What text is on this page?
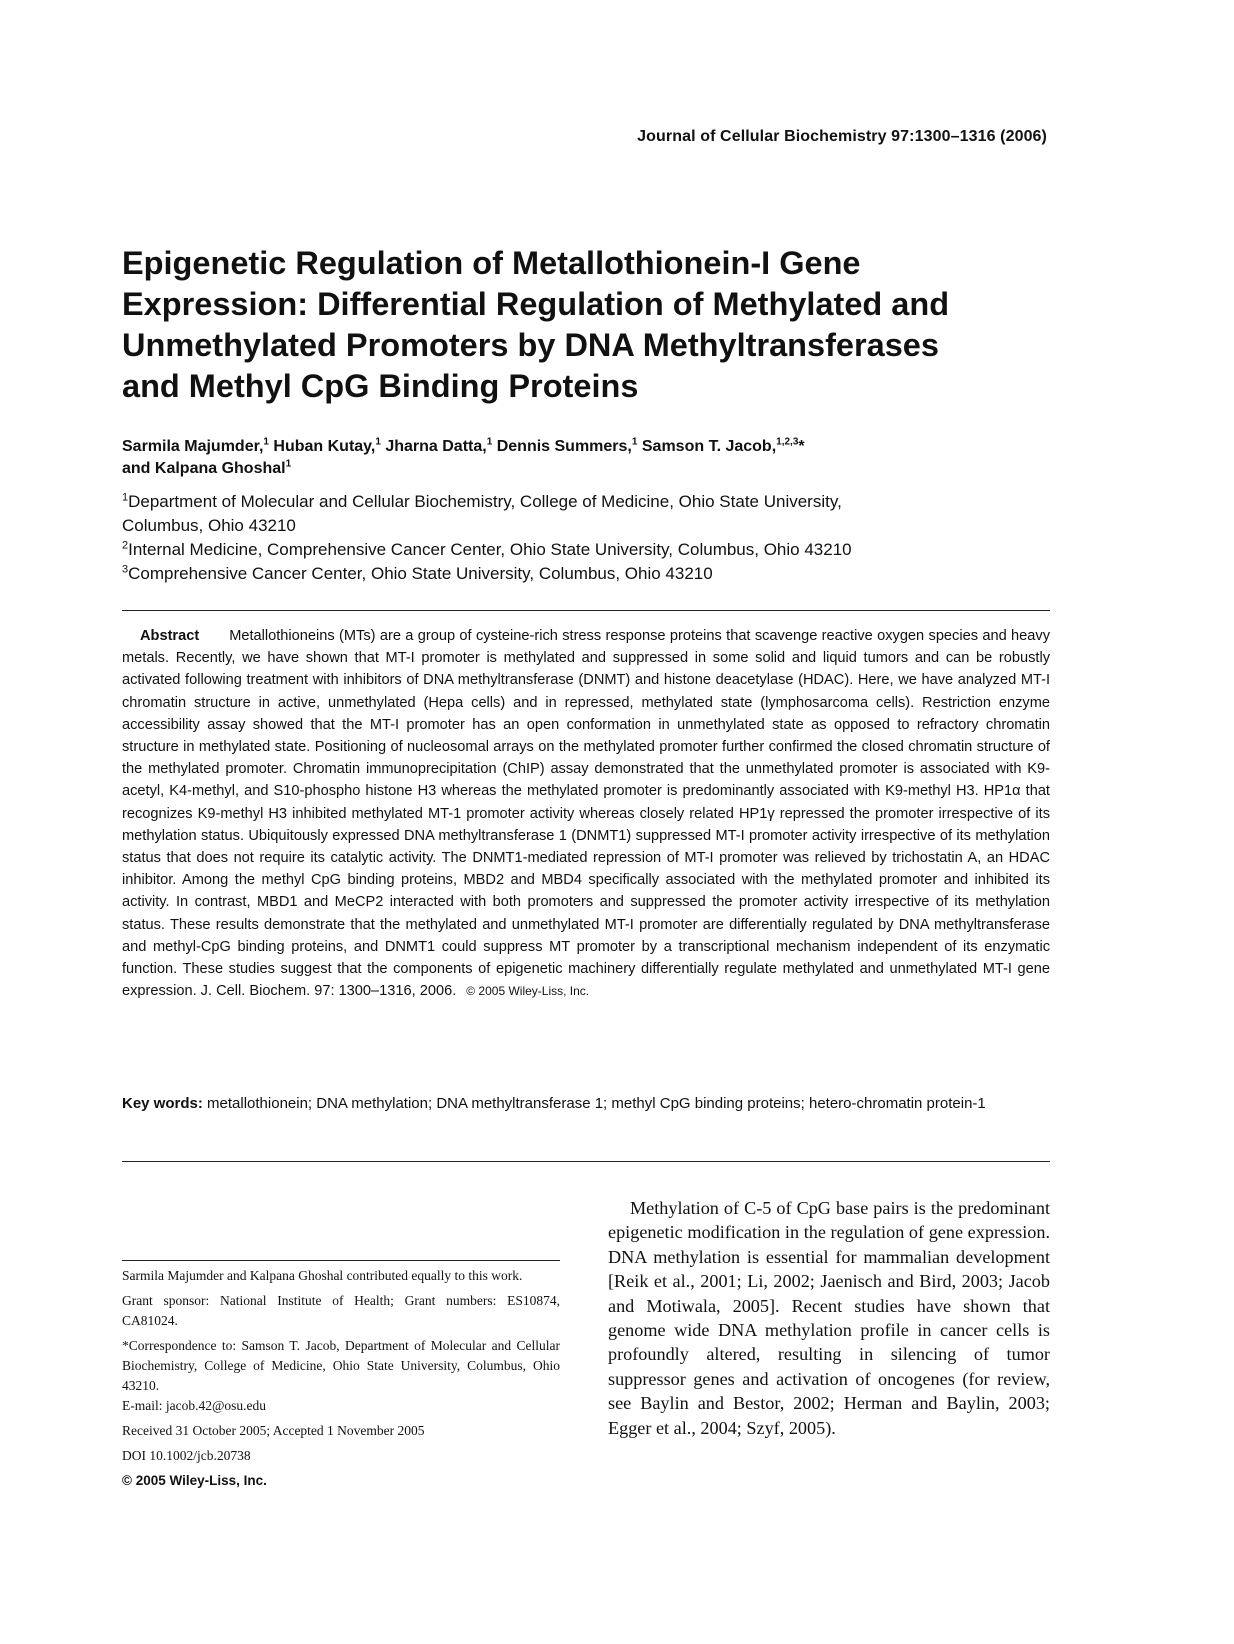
Journal of Cellular Biochemistry 97:1300–1316 (2006)
Epigenetic Regulation of Metallothionein-I Gene
Expression: Differential Regulation of Methylated and
Unmethylated Promoters by DNA Methyltransferases
and Methyl CpG Binding Proteins
Sarmila Majumder,$^1$ Huban Kutay,$^1$ Jharna Datta,$^1$ Dennis Summers,$^1$ Samson T. Jacob,$^{1,2,3}$*
and Kalpana Ghoshal$^1$
$^1$Department of Molecular and Cellular Biochemistry, College of Medicine, Ohio State University,
Columbus, Ohio 43210
$^2$Internal Medicine, Comprehensive Cancer Center, Ohio State University, Columbus, Ohio 43210
$^3$Comprehensive Cancer Center, Ohio State University, Columbus, Ohio 43210

Abstract Metallothioneins (MTs) are a group of cysteine-rich stress response proteins that scavenge reactive oxygen species and heavy metals. Recently, we have shown that MT-I promoter is methylated and suppressed in some solid and liquid tumors and can be robustly activated following treatment with inhibitors of DNA methyltransferase (DNMT) and histone deacetylase (HDAC). Here, we have analyzed MT-I chromatin structure in active, unmethylated (Hepa cells) and in repressed, methylated state (lymphosarcoma cells). Restriction enzyme accessibility assay showed that the MT-I promoter has an open conformation in unmethylated state as opposed to refractory chromatin structure in methylated state. Positioning of nucleosomal arrays on the methylated promoter further confirmed the closed chromatin structure of the methylated promoter. Chromatin immunoprecipitation (ChIP) assay demonstrated that the unmethylated promoter is associated with K9-acetyl, K4-methyl, and S10-phospho histone H3 whereas the methylated promoter is predominantly associated with K9-methyl H3. HP1α that recognizes K9-methyl H3 inhibited methylated MT-1 promoter activity whereas closely related HP1γ repressed the promoter irrespective of its methylation status. Ubiquitously expressed DNA methyltransferase 1 (DNMT1) suppressed MT-I promoter activity irrespective of its methylation status that does not require its catalytic activity. The DNMT1-mediated repression of MT-I promoter was relieved by trichostatin A, an HDAC inhibitor. Among the methyl CpG binding proteins, MBD2 and MBD4 specifically associated with the methylated promoter and inhibited its activity. In contrast, MBD1 and MeCP2 interacted with both promoters and suppressed the promoter activity irrespective of its methylation status. These results demonstrate that the methylated and unmethylated MT-I promoter are differentially regulated by DNA methyltransferase and methyl-CpG binding proteins, and DNMT1 could suppress MT promoter by a transcriptional mechanism independent of its enzymatic function. These studies suggest that the components of epigenetic machinery differentially regulate methylated and unmethylated MT-I gene expression. J. Cell. Biochem. 97: 1300–1316, 2006. © 2005 Wiley-Liss, Inc.

Key words: metallothionein; DNA methylation; DNA methyltransferase 1; methyl CpG binding proteins; hetero-chromatin protein-1

Sarmila Majumder and Kalpana Ghoshal contributed equally to this work.

Grant sponsor: National Institute of Health; Grant numbers: ES10874, CA81024.

*Correspondence to: Samson T. Jacob, Department of Molecular and Cellular Biochemistry, College of Medicine, Ohio State University, Columbus, Ohio 43210.

E-mail: jacob.42@osu.edu

Received 31 October 2005; Accepted 1 November 2005

DOI 10.1002/jcb.20738

© 2005 Wiley-Liss, Inc.

Methylation of C-5 of CpG base pairs is the predominant epigenetic modification in the regulation of gene expression. DNA methylation is essential for mammalian development [Reik et al., 2001; Li, 2002; Jaenisch and Bird, 2003; Jacob and Motiwala, 2005]. Recent studies have shown that genome wide DNA methylation profile in cancer cells is profoundly altered, resulting in silencing of tumor suppressor genes and activation of oncogenes (for review, see Baylin and Bestor, 2002; Herman and Baylin, 2003; Egger et al., 2004; Szyf, 2005).
